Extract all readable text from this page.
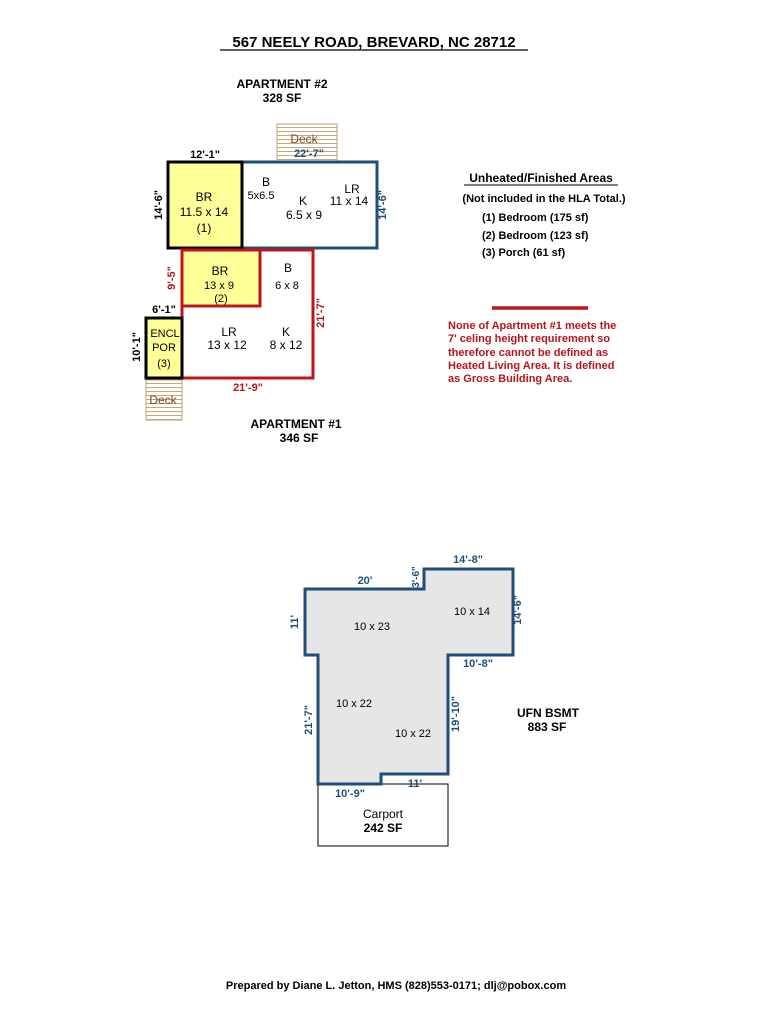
567 NEELY ROAD, BREVARD, NC 28712
APARTMENT #2
328 SF
Deck
22'-7"
12'-1"
14'-6"	14'-6"
BR
11.5 x 14
(1)
B
5x6.5 K
6.5 x 9
LR
11 x 14
Deck
9'-5"
6'-1"
10'-1"
21'-7"
21'-9"
BR
13 x 9
(2)
B
6 x 8
LR
13 x 12
K
8 x 12
ENCL
POR
(3)
APARTMENT #1
346 SF
Unheated/Finished Areas
(Not included in the HLA Total.)
(1) Bedroom (175 sf)
(2) Bedroom (123 sf)
(3) Porch (61 sf)
None of Apartment #1 meets the
7' celing height requirement so
therefore cannot be defined as
Heated Living Area. It is defined
as Gross Building Area.
Carport
242 SF
20'	3'-6"
14'-8"
14'-6"
10'-8"
19'-10"
11'
21'-7"
10'-9"
11'
10 x 23
10 x 14
10 x 22
10 x 22
UFN BSMT
883 SF
Prepared by Diane L. Jetton, HMS (828)553-0171; dlj@pobox.com
